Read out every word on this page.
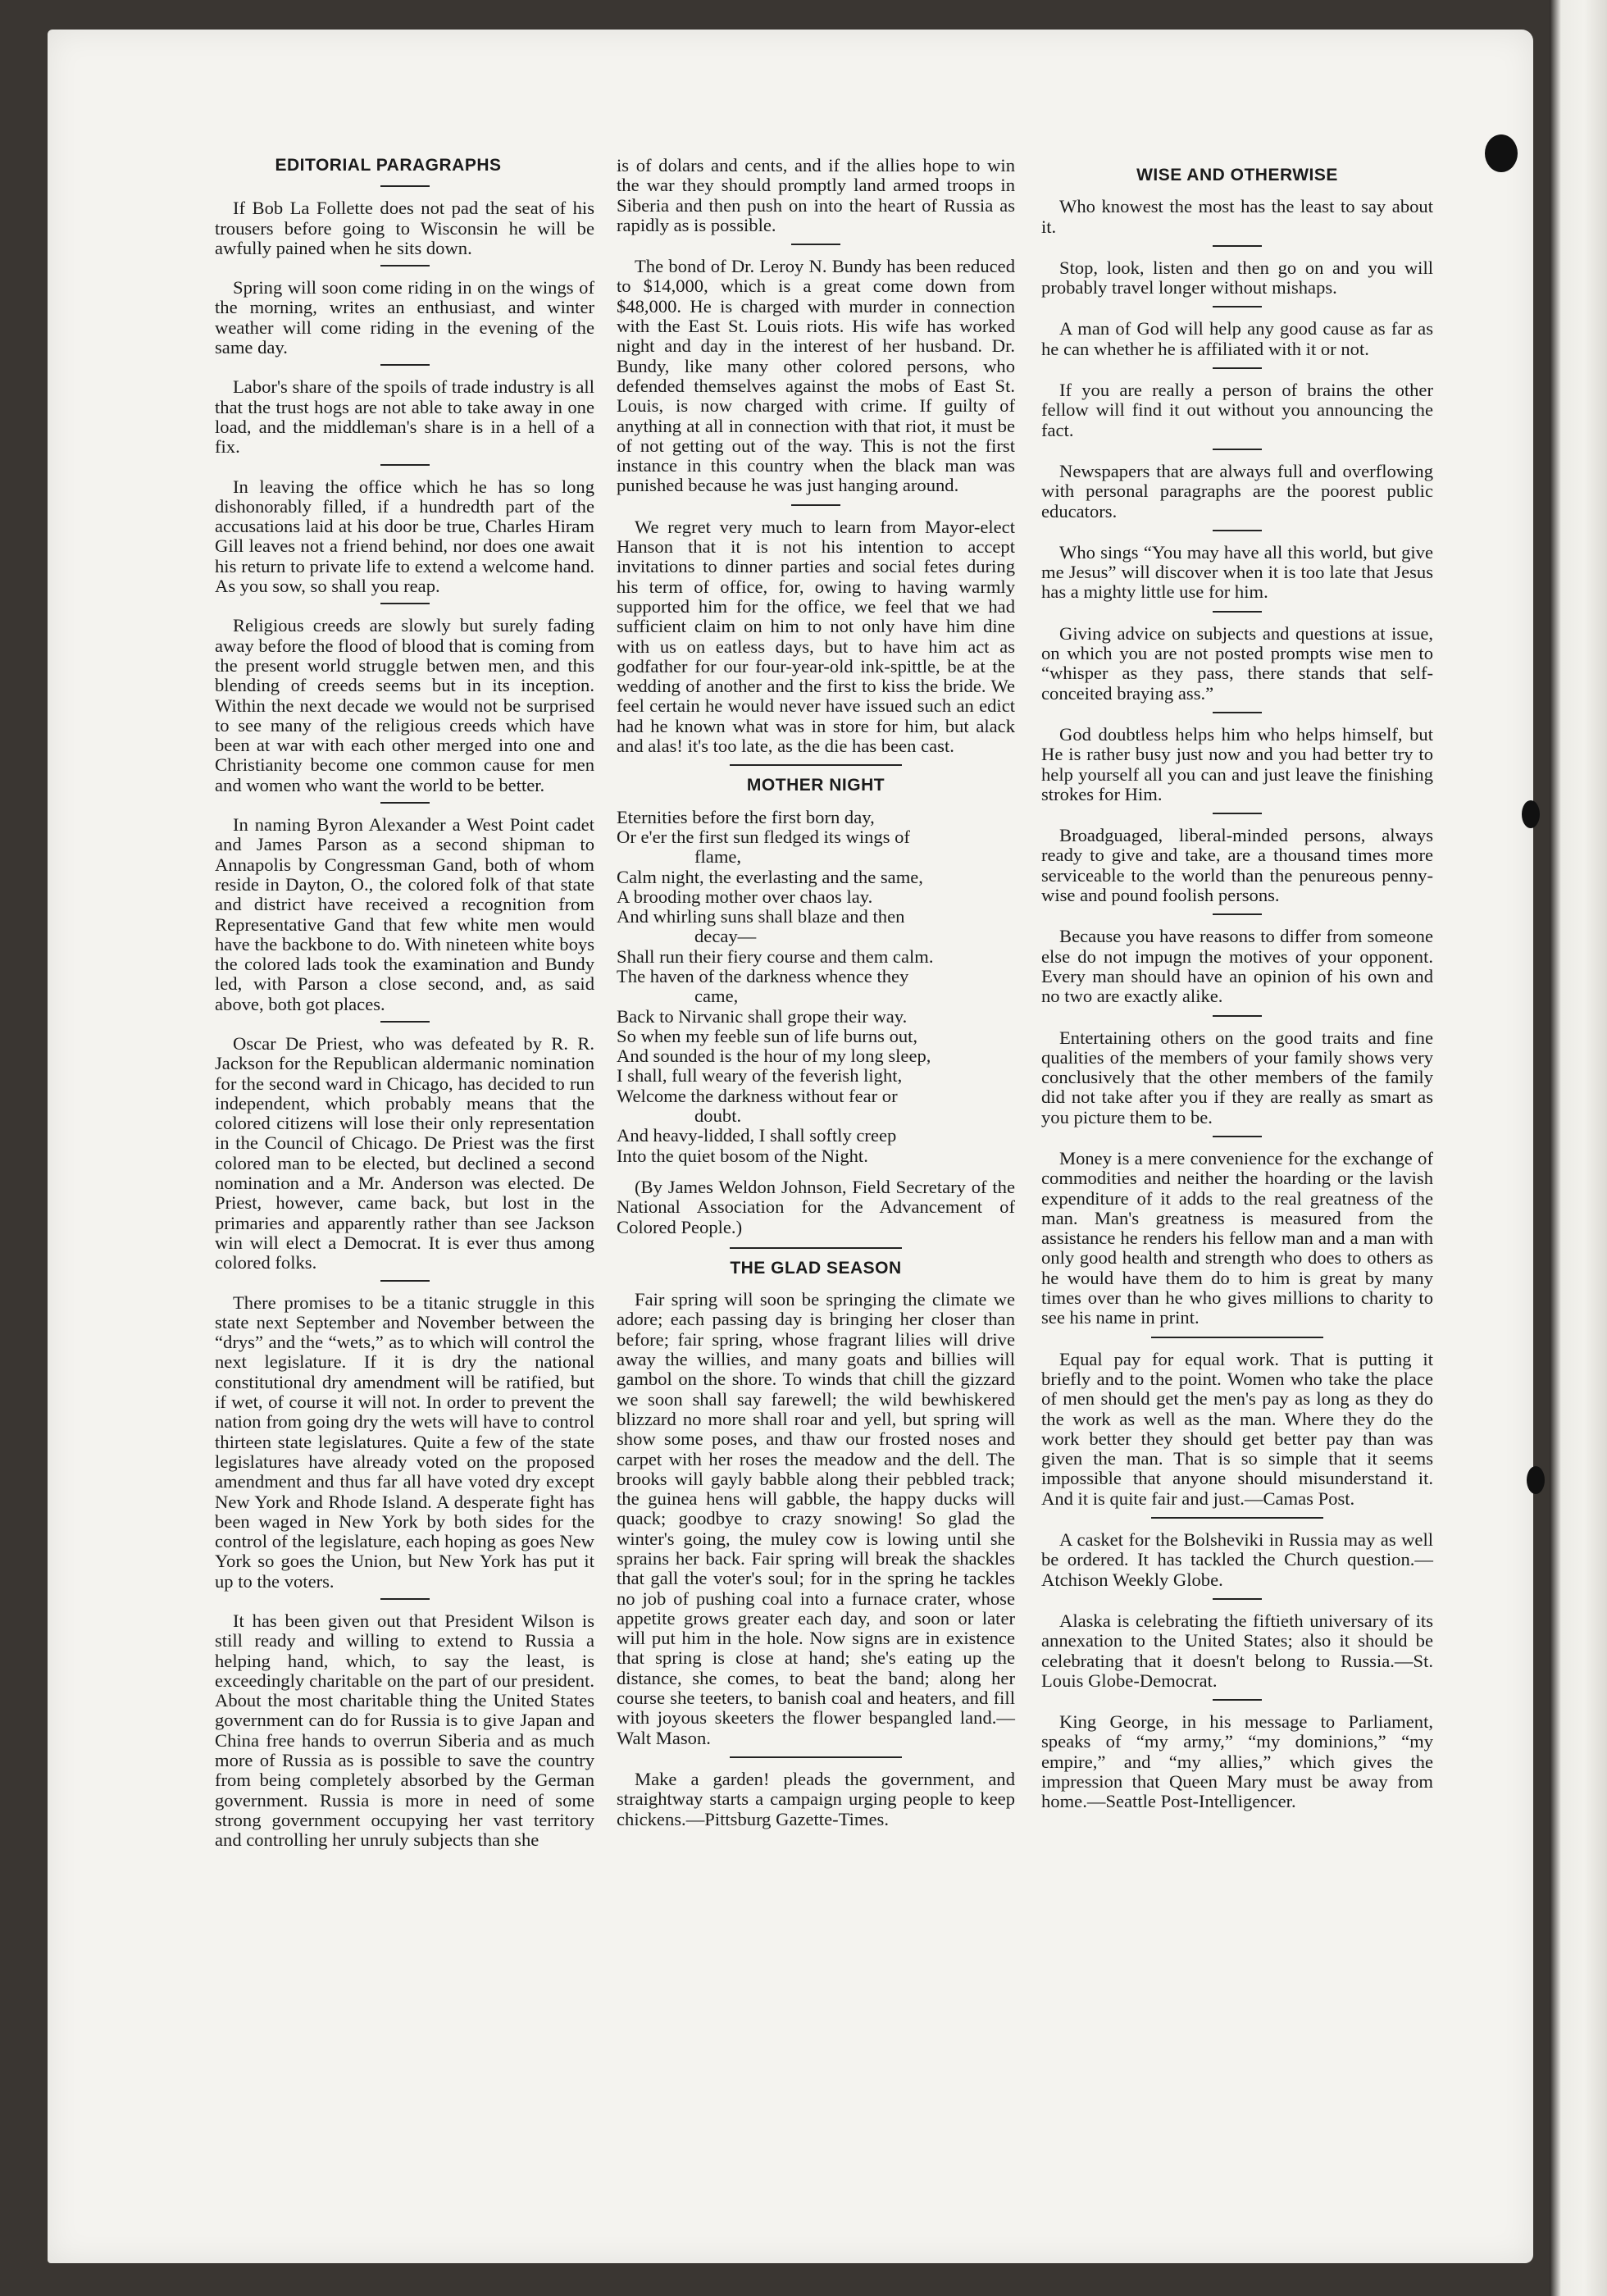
EDITORIAL PARAGRAPHS

If Bob La Follette does not pad the seat of his trousers before going to Wisconsin he will be awfully pained when he sits down.

Spring will soon come riding in on the wings of the morning, writes an enthusiast, and winter weather will come riding in the evening of the same day.

Labor's share of the spoils of trade industry is all that the trust hogs are not able to take away in one load, and the middleman's share is in a hell of a fix.

In leaving the office which he has so long dishonorably filled, if a hundredth part of the accusations laid at his door be true, Charles Hiram Gill leaves not a friend behind, nor does one await his return to private life to extend a welcome hand. As you sow, so shall you reap.

Religious creeds are slowly but surely fading away before the flood of blood that is coming from the present world struggle betwen men, and this blending of creeds seems but in its inception. Within the next decade we would not be surprised to see many of the religious creeds which have been at war with each other merged into one and Christianity become one common cause for men and women who want the world to be better.

In naming Byron Alexander a West Point cadet and James Parson as a second shipman to Annapolis by Congressman Gand, both of whom reside in Dayton, O., the colored folk of that state and district have received a recognition from Representative Gand that few white men would have the backbone to do. With nineteen white boys the colored lads took the examination and Bundy led, with Parson a close second, and, as said above, both got places.

Oscar De Priest, who was defeated by R. R. Jackson for the Republican aldermanic nomination for the second ward in Chicago, has decided to run independent, which probably means that the colored citizens will lose their only representation in the Council of Chicago. De Priest was the first colored man to be elected, but declined a second nomination and a Mr. Anderson was elected. De Priest, however, came back, but lost in the primaries and apparently rather than see Jackson win will elect a Democrat. It is ever thus among colored folks.

There promises to be a titanic struggle in this state next September and November between the “drys” and the “wets,” as to which will control the next legislature. If it is dry the national constitutional dry amendment will be ratified, but if wet, of course it will not. In order to prevent the nation from going dry the wets will have to control thirteen state legislatures. Quite a few of the state legislatures have already voted on the proposed amendment and thus far all have voted dry except New York and Rhode Island. A desperate fight has been waged in New York by both sides for the control of the legislature, each hoping as goes New York so goes the Union, but New York has put it up to the voters.

It has been given out that President Wilson is still ready and willing to extend to Russia a helping hand, which, to say the least, is exceedingly charitable on the part of our president. About the most charitable thing the United States government can do for Russia is to give Japan and China free hands to overrun Siberia and as much more of Russia as is possible to save the country from being completely absorbed by the German government. Russia is more in need of some strong government occupying her vast territory and controlling her unruly subjects than she

is of dolars and cents, and if the allies hope to win the war they should promptly land armed troops in Siberia and then push on into the heart of Russia as rapidly as is possible.

The bond of Dr. Leroy N. Bundy has been reduced to $14,000, which is a great come down from $48,000. He is charged with murder in connection with the East St. Louis riots. His wife has worked night and day in the interest of her husband. Dr. Bundy, like many other colored persons, who defended themselves against the mobs of East St. Louis, is now charged with crime. If guilty of anything at all in connection with that riot, it must be of not getting out of the way. This is not the first instance in this country when the black man was punished because he was just hanging around.

We regret very much to learn from Mayor-elect Hanson that it is not his intention to accept invitations to dinner parties and social fetes during his term of office, for, owing to having warmly supported him for the office, we feel that we had sufficient claim on him to not only have him dine with us on eatless days, but to have him act as godfather for our four-year-old ink-spittle, be at the wedding of another and the first to kiss the bride. We feel certain he would never have issued such an edict had he known what was in store for him, but alack and alas! it's too late, as the die has been cast.

MOTHER NIGHT
Eternities before the first born day,
Or e'er the first sun fledged its wings of
flame,
Calm night, the everlasting and the same,
A brooding mother over chaos lay.
And whirling suns shall blaze and then
decay—
Shall run their fiery course and them calm.
The haven of the darkness whence they
came,
Back to Nirvanic shall grope their way.
So when my feeble sun of life burns out,
And sounded is the hour of my long sleep,
I shall, full weary of the feverish light,
Welcome the darkness without fear or
doubt.
And heavy-lidded, I shall softly creep
Into the quiet bosom of the Night.

(By James Weldon Johnson, Field Secretary of the National Association for the Advancement of Colored People.)

THE GLAD SEASON

Fair spring will soon be springing the climate we adore; each passing day is bringing her closer than before; fair spring, whose fragrant lilies will drive away the willies, and many goats and billies will gambol on the shore. To winds that chill the gizzard we soon shall say farewell; the wild bewhiskered blizzard no more shall roar and yell, but spring will show some poses, and thaw our frosted noses and carpet with her roses the meadow and the dell. The brooks will gayly babble along their pebbled track; the guinea hens will gabble, the happy ducks will quack; goodbye to crazy snowing! So glad the winter's going, the muley cow is lowing until she sprains her back. Fair spring will break the shackles that gall the voter's soul; for in the spring he tackles no job of pushing coal into a furnace crater, whose appetite grows greater each day, and soon or later will put him in the hole. Now signs are in existence that spring is close at hand; she's eating up the distance, she comes, to beat the band; along her course she teeters, to banish coal and heaters, and fill with joyous skeeters the flower bespangled land.—Walt Mason.

Make a garden! pleads the government, and straightway starts a campaign urging people to keep chickens.—Pittsburg Gazette-Times.

WISE AND OTHERWISE

Who knowest the most has the least to say about it.

Stop, look, listen and then go on and you will probably travel longer without mishaps.

A man of God will help any good cause as far as he can whether he is affiliated with it or not.

If you are really a person of brains the other fellow will find it out without you announcing the fact.

Newspapers that are always full and overflowing with personal paragraphs are the poorest public educators.

Who sings “You may have all this world, but give me Jesus” will discover when it is too late that Jesus has a mighty little use for him.

Giving advice on subjects and questions at issue, on which you are not posted prompts wise men to “whisper as they pass, there stands that self-conceited braying ass.”

God doubtless helps him who helps himself, but He is rather busy just now and you had better try to help yourself all you can and just leave the finishing strokes for Him.

Broadguaged, liberal-minded persons, always ready to give and take, are a thousand times more serviceable to the world than the penureous penny-wise and pound foolish persons.

Because you have reasons to differ from someone else do not impugn the motives of your opponent. Every man should have an opinion of his own and no two are exactly alike.

Entertaining others on the good traits and fine qualities of the members of your family shows very conclusively that the other members of the family did not take after you if they are really as smart as you picture them to be.

Money is a mere convenience for the exchange of commodities and neither the hoarding or the lavish expenditure of it adds to the real greatness of the man. Man's greatness is measured from the assistance he renders his fellow man and a man with only good health and strength who does to others as he would have them do to him is great by many times over than he who gives millions to charity to see his name in print.

Equal pay for equal work. That is putting it briefly and to the point. Women who take the place of men should get the men's pay as long as they do the work as well as the man. Where they do the work better they should get better pay than was given the man. That is so simple that it seems impossible that anyone should misunderstand it. And it is quite fair and just.—Camas Post.

A casket for the Bolsheviki in Russia may as well be ordered. It has tackled the Church question.—Atchison Weekly Globe.

Alaska is celebrating the fiftieth universary of its annexation to the United States; also it should be celebrating that it doesn't belong to Russia.—St. Louis Globe-Democrat.

King George, in his message to Parliament, speaks of “my army,” “my dominions,” “my empire,” and “my allies,” which gives the impression that Queen Mary must be away from home.—Seattle Post-Intelligencer.
